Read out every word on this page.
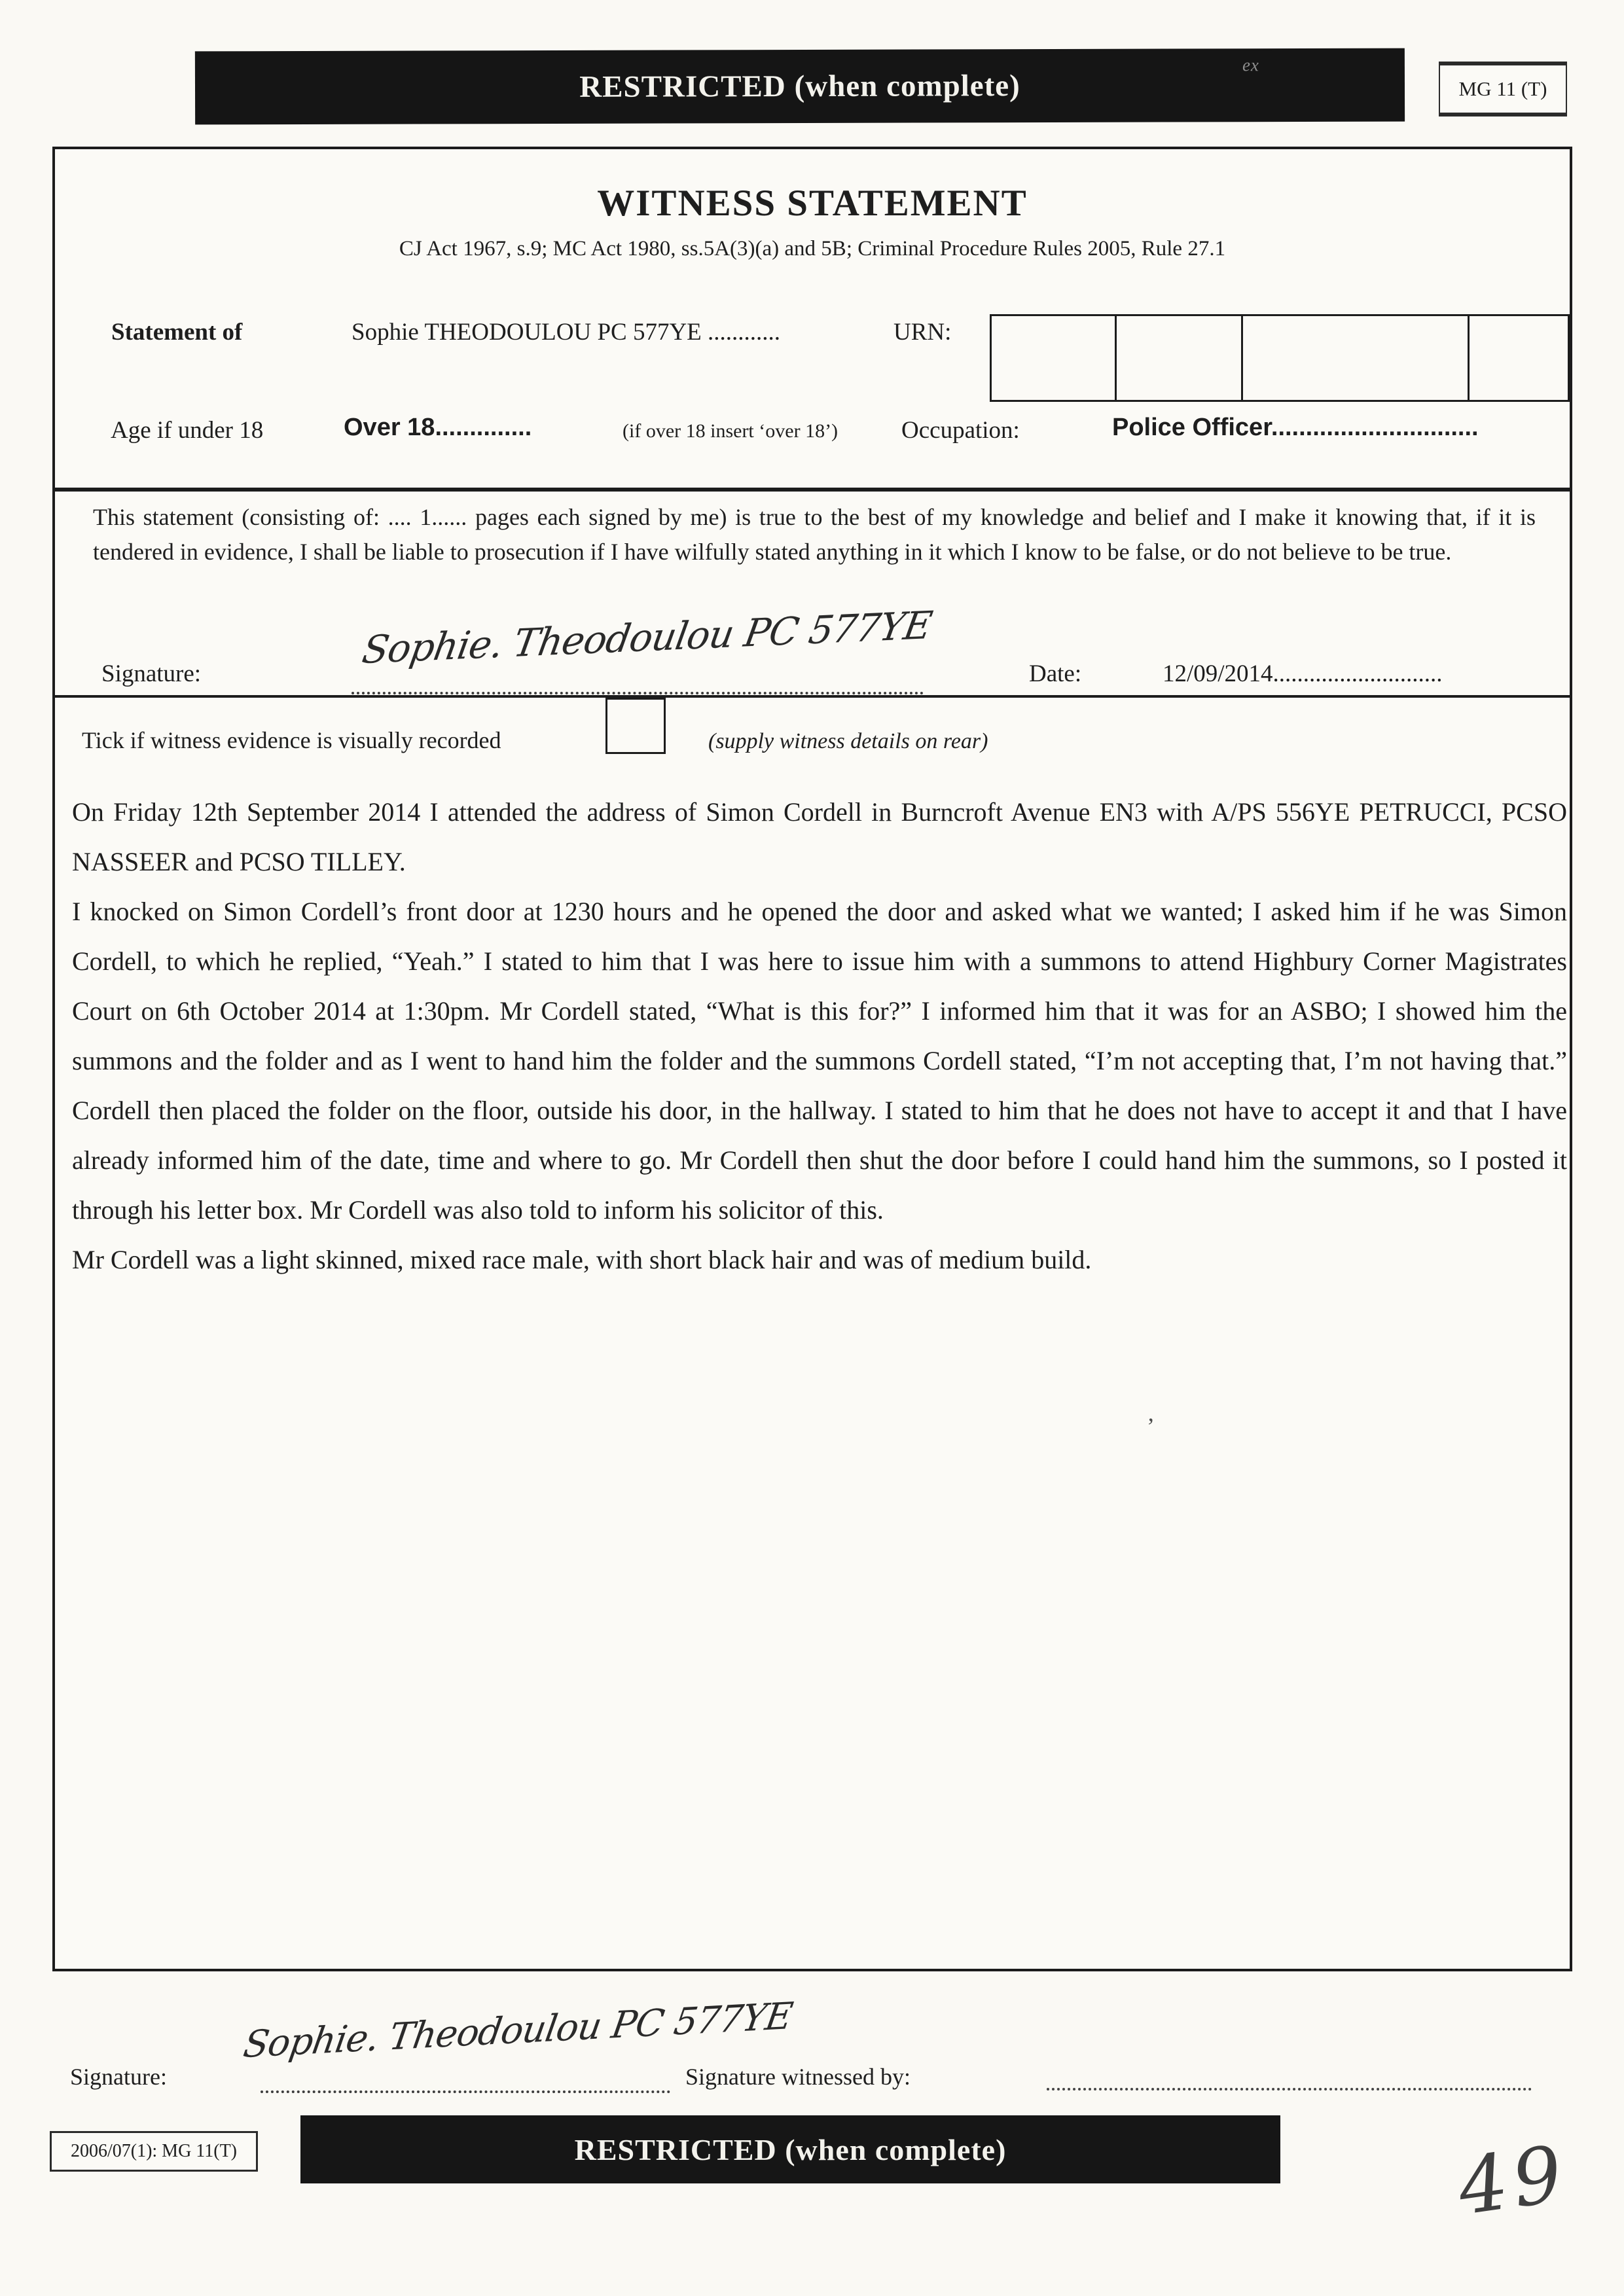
RESTRICTED (when complete)
ex
MG 11 (T)
WITNESS STATEMENT
CJ Act 1967, s.9; MC Act 1980, ss.5A(3)(a) and 5B; Criminal Procedure Rules 2005, Rule 27.1
Statement of	Sophie THEODOULOU PC 577YE ............	URN:
Age if under 18	Over 18..............	(if over 18 insert ‘over 18’)	Occupation:	Police Officer..............................
This statement (consisting of: .... 1...... pages each signed by me) is true to the best of my knowledge and belief and I make it knowing that, if it is tendered in evidence, I shall be liable to prosecution if I have wilfully stated anything in it which I know to be false, or do not believe to be true.
Signature:
Sophie. Theodoulou PC 577YE
Date:	12/09/2014............................
Tick if witness evidence is visually recorded	(supply witness details on rear)

On Friday 12th September 2014 I attended the address of Simon Cordell in Burncroft Avenue EN3 with A/PS 556YE PETRUCCI, PCSO NASSEER and PCSO TILLEY.

I knocked on Simon Cordell’s front door at 1230 hours and he opened the door and asked what we wanted; I asked him if he was Simon Cordell, to which he replied, “Yeah.” I stated to him that I was here to issue him with a summons to attend Highbury Corner Magistrates Court on 6th October 2014 at 1:30pm. Mr Cordell stated, “What is this for?” I informed him that it was for an ASBO; I showed him the summons and the folder and as I went to hand him the folder and the summons Cordell stated, “I’m not accepting that, I’m not having that.” Cordell then placed the folder on the floor, outside his door, in the hallway. I stated to him that he does not have to accept it and that I have already informed him of the date, time and where to go. Mr Cordell then shut the door before I could hand him the summons, so I posted it through his letter box. Mr Cordell was also told to inform his solicitor of this.

Mr Cordell was a light skinned, mixed race male, with short black hair and was of medium build.

’
Signature:
Sophie. Theodoulou PC 577YE
Signature witnessed by:
RESTRICTED (when complete)
2006/07(1): MG 11(T)	49
